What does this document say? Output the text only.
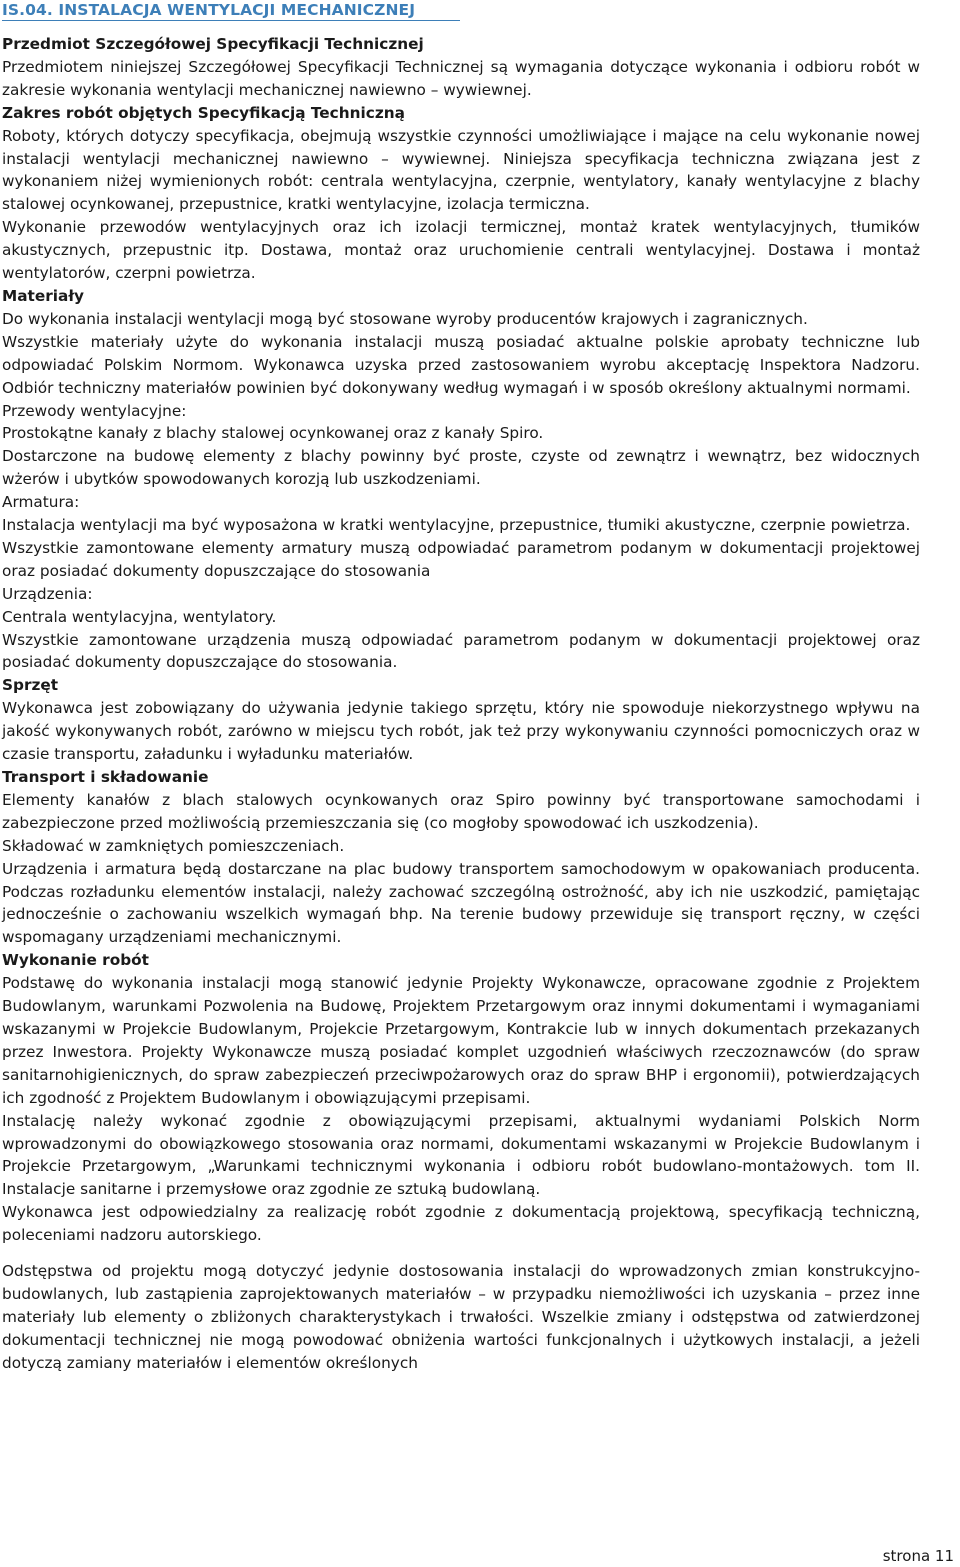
IS.04. INSTALACJA WENTYLACJI MECHANICZNEJ

Przedmiot Szczegółowej Specyfikacji Technicznej

Przedmiotem niniejszej Szczegółowej Specyfikacji Technicznej są wymagania dotyczące wykonania i odbioru robót w zakresie wykonania wentylacji mechanicznej nawiewno – wywiewnej.

Zakres robót objętych Specyfikacją Techniczną

Roboty, których dotyczy specyfikacja, obejmują wszystkie czynności umożliwiające i mające na celu wykonanie nowej instalacji wentylacji mechanicznej nawiewno – wywiewnej. Niniejsza specyfikacja techniczna związana jest z wykonaniem niżej wymienionych robót: centrala wentylacyjna, czerpnie, wentylatory, kanały wentylacyjne z blachy stalowej ocynkowanej, przepustnice, kratki wentylacyjne, izolacja termiczna.

Wykonanie przewodów wentylacyjnych oraz ich izolacji termicznej, montaż kratek wentylacyjnych, tłumików akustycznych, przepustnic itp. Dostawa, montaż oraz uruchomienie centrali wentylacyjnej. Dostawa i montaż wentylatorów, czerpni powietrza.

Materiały

Do wykonania instalacji wentylacji mogą być stosowane wyroby producentów krajowych i zagranicznych.

Wszystkie materiały użyte do wykonania instalacji muszą posiadać aktualne polskie aprobaty techniczne lub odpowiadać Polskim Normom. Wykonawca uzyska przed zastosowaniem wyrobu akceptację Inspektora Nadzoru. Odbiór techniczny materiałów powinien być dokonywany według wymagań i w sposób określony aktualnymi normami.

Przewody wentylacyjne:

Prostokątne kanały z blachy stalowej ocynkowanej oraz z kanały Spiro.

Dostarczone na budowę elementy z blachy powinny być proste, czyste od zewnątrz i wewnątrz, bez widocznych wżerów i ubytków spowodowanych korozją lub uszkodzeniami.

Armatura:

Instalacja wentylacji ma być wyposażona w kratki wentylacyjne, przepustnice, tłumiki akustyczne, czerpnie powietrza.

Wszystkie zamontowane elementy armatury muszą odpowiadać parametrom podanym w dokumentacji projektowej oraz posiadać dokumenty dopuszczające do stosowania

Urządzenia:

Centrala wentylacyjna, wentylatory.

Wszystkie zamontowane urządzenia muszą odpowiadać parametrom podanym w dokumentacji projektowej oraz posiadać dokumenty dopuszczające do stosowania.

Sprzęt

Wykonawca jest zobowiązany do używania jedynie takiego sprzętu, który nie spowoduje niekorzystnego wpływu na jakość wykonywanych robót, zarówno w miejscu tych robót, jak też przy wykonywaniu czynności pomocniczych oraz w czasie transportu, załadunku i wyładunku materiałów.

Transport i składowanie

Elementy kanałów z blach stalowych ocynkowanych oraz Spiro powinny być transportowane samochodami i zabezpieczone przed możliwością przemieszczania się (co mogłoby spowodować ich uszkodzenia).

Składować w zamkniętych pomieszczeniach.

Urządzenia i armatura będą dostarczane na plac budowy transportem samochodowym w opakowaniach producenta. Podczas rozładunku elementów instalacji, należy zachować szczególną ostrożność, aby ich nie uszkodzić, pamiętając jednocześnie o zachowaniu wszelkich wymagań bhp. Na terenie budowy przewiduje się transport ręczny, w części wspomagany urządzeniami mechanicznymi.

Wykonanie robót

Podstawę do wykonania instalacji mogą stanowić jedynie Projekty Wykonawcze, opracowane zgodnie z Projektem Budowlanym, warunkami Pozwolenia na Budowę, Projektem Przetargowym oraz innymi dokumentami i wymaganiami wskazanymi w Projekcie Budowlanym, Projekcie Przetargowym, Kontrakcie lub w innych dokumentach przekazanych przez Inwestora. Projekty Wykonawcze muszą posiadać komplet uzgodnień właściwych rzeczoznawców (do spraw sanitarnohigienicznych, do spraw zabezpieczeń przeciwpożarowych oraz do spraw BHP i ergonomii), potwierdzających ich zgodność z Projektem Budowlanym i obowiązującymi przepisami.

Instalację należy wykonać zgodnie z obowiązującymi przepisami, aktualnymi wydaniami Polskich Norm wprowadzonymi do obowiązkowego stosowania oraz normami, dokumentami wskazanymi w Projekcie Budowlanym i Projekcie Przetargowym, „Warunkami technicznymi wykonania i odbioru robót budowlano-montażowych. tom II. Instalacje sanitarne i przemysłowe oraz zgodnie ze sztuką budowlaną.

Wykonawca jest odpowiedzialny za realizację robót zgodnie z dokumentacją projektową, specyfikacją techniczną, poleceniami nadzoru autorskiego.

Odstępstwa od projektu mogą dotyczyć jedynie dostosowania instalacji do wprowadzonych zmian konstrukcyjno-budowlanych, lub zastąpienia zaprojektowanych materiałów – w przypadku niemożliwości ich uzyskania – przez inne materiały lub elementy o zbliżonych charakterystykach i trwałości. Wszelkie zmiany i odstępstwa od zatwierdzonej dokumentacji technicznej nie mogą powodować obniżenia wartości funkcjonalnych i użytkowych instalacji, a jeżeli dotyczą zamiany materiałów i elementów określonych

strona 11
